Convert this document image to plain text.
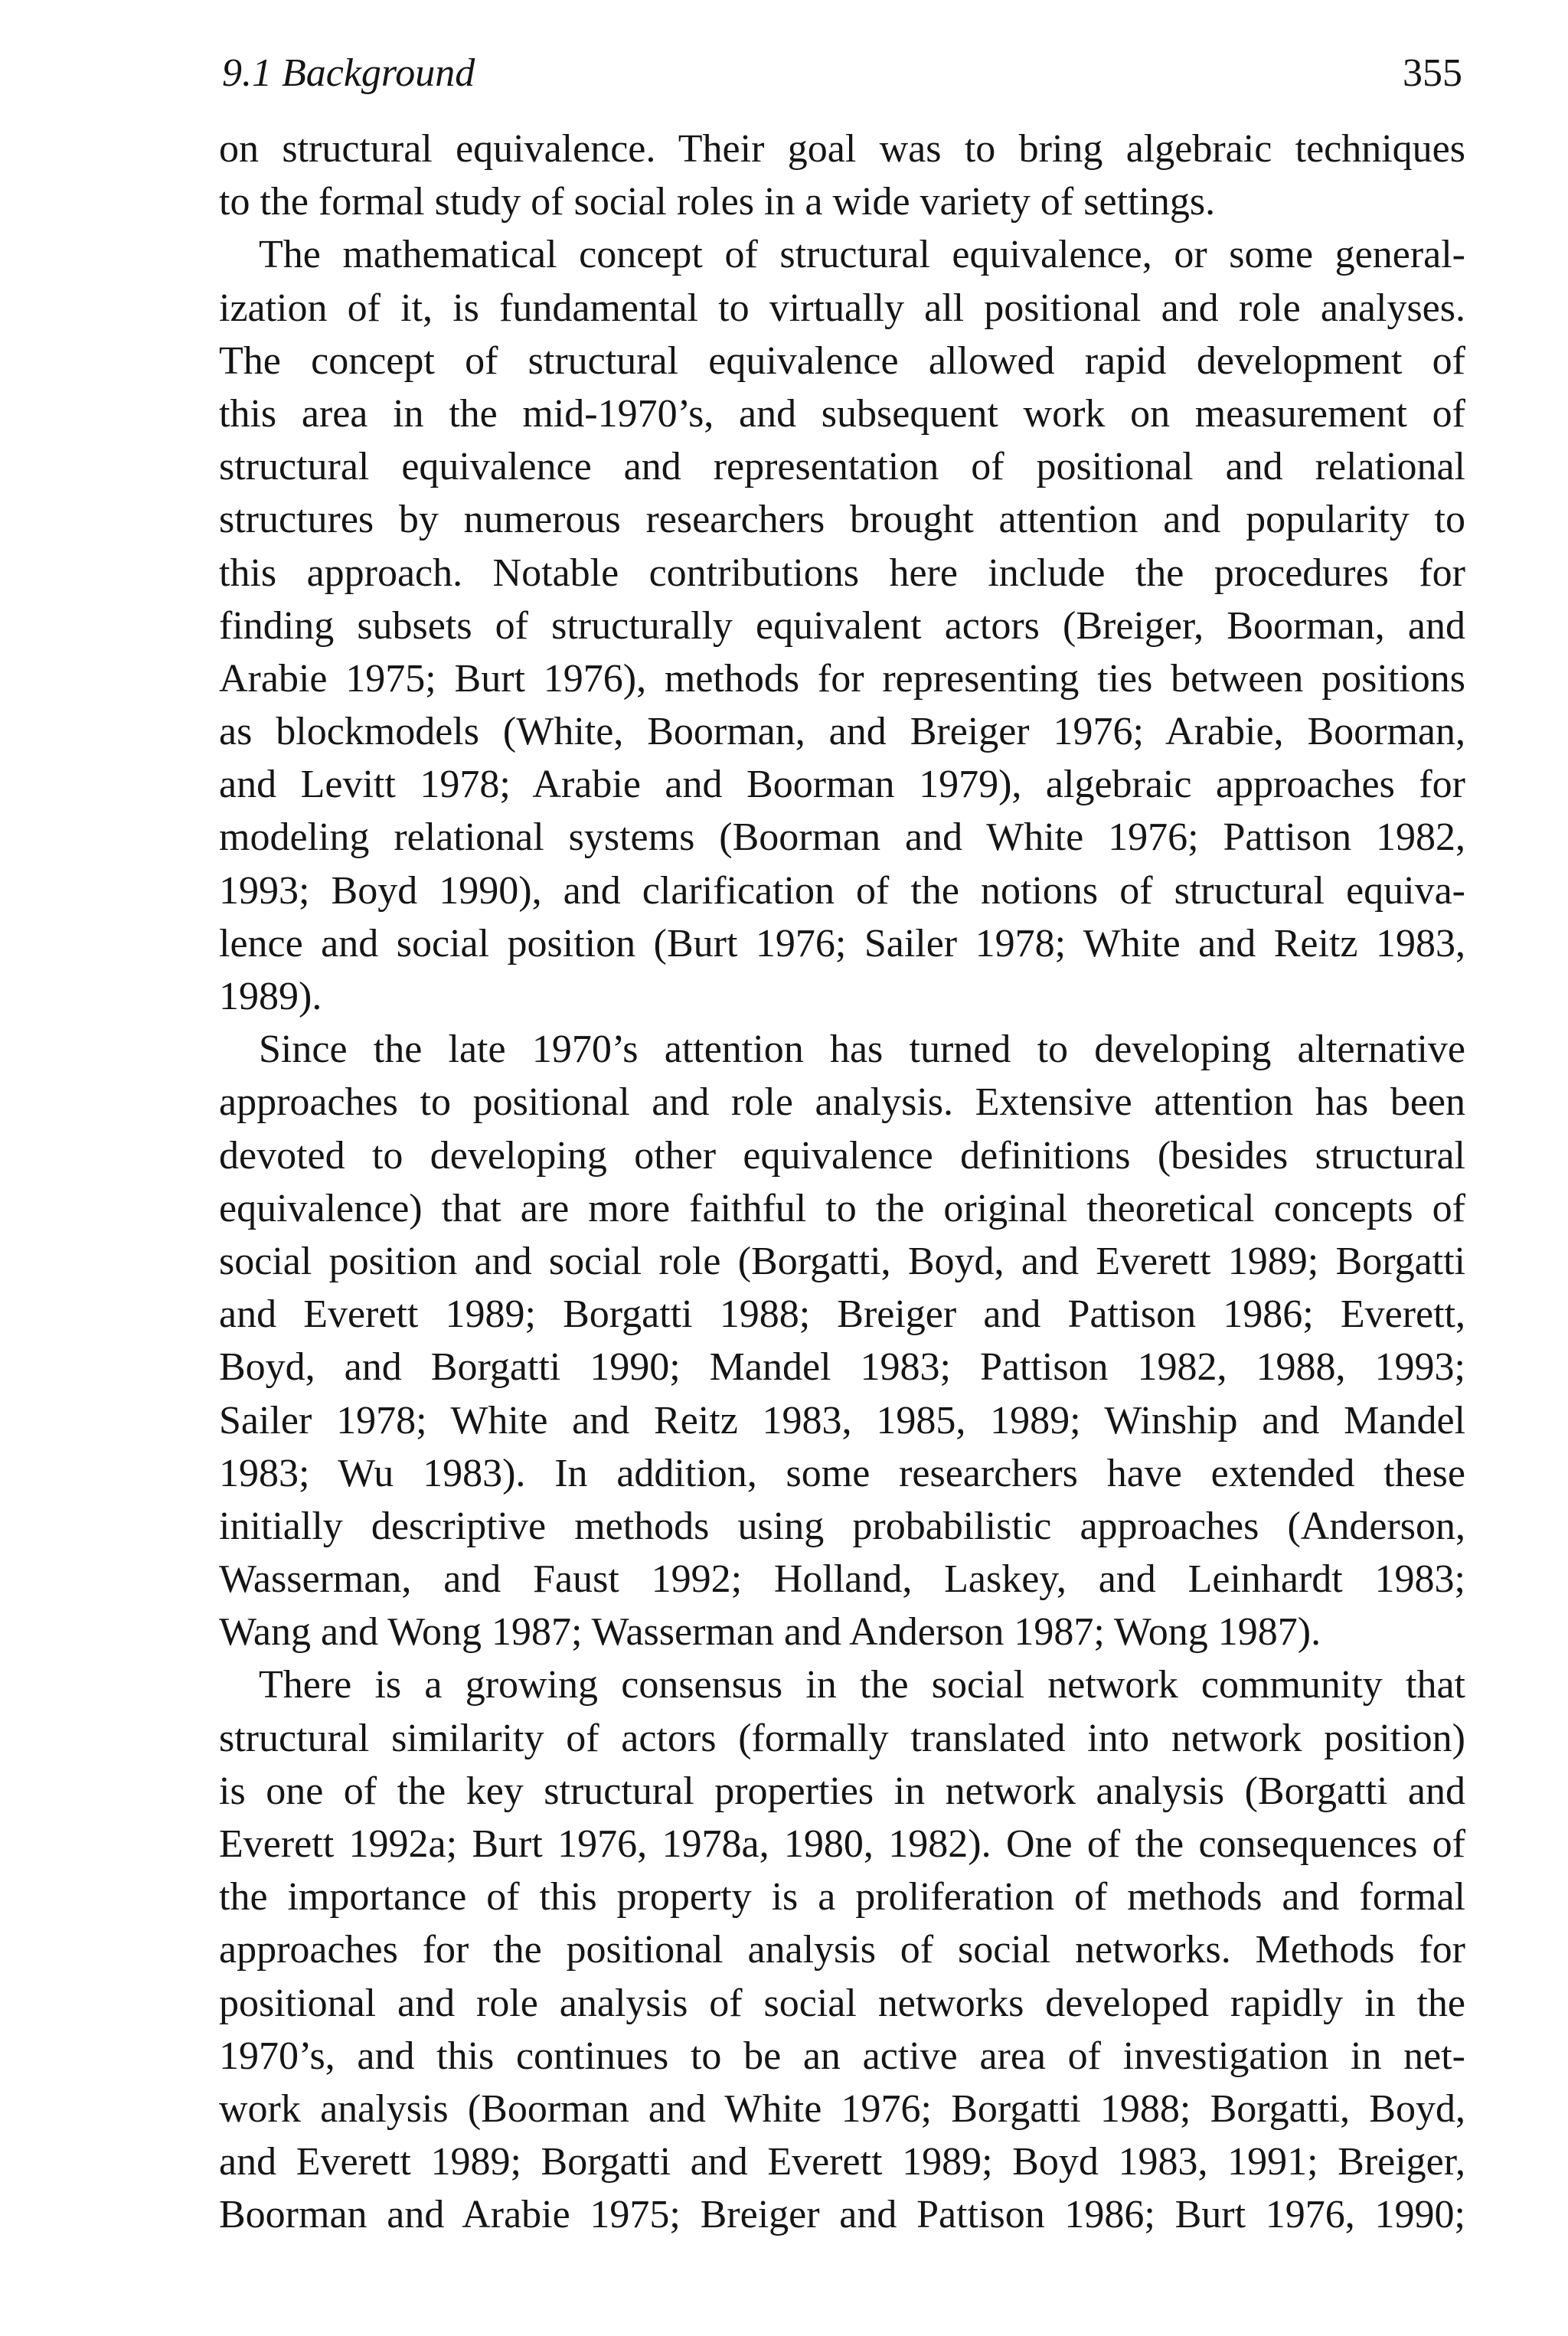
9.1 Background	355
on structural equivalence. Their goal was to bring algebraic techniques
to the formal study of social roles in a wide variety of settings.
The mathematical concept of structural equivalence, or some general-
ization of it, is fundamental to virtually all positional and role analyses.
The concept of structural equivalence allowed rapid development of
this area in the mid-1970’s, and subsequent work on measurement of
structural equivalence and representation of positional and relational
structures by numerous researchers brought attention and popularity to
this approach. Notable contributions here include the procedures for
finding subsets of structurally equivalent actors (Breiger, Boorman, and
Arabie 1975; Burt 1976), methods for representing ties between positions
as blockmodels (White, Boorman, and Breiger 1976; Arabie, Boorman,
and Levitt 1978; Arabie and Boorman 1979), algebraic approaches for
modeling relational systems (Boorman and White 1976; Pattison 1982,
1993; Boyd 1990), and clarification of the notions of structural equiva-
lence and social position (Burt 1976; Sailer 1978; White and Reitz 1983,
1989).
Since the late 1970’s attention has turned to developing alternative
approaches to positional and role analysis. Extensive attention has been
devoted to developing other equivalence definitions (besides structural
equivalence) that are more faithful to the original theoretical concepts of
social position and social role (Borgatti, Boyd, and Everett 1989; Borgatti
and Everett 1989; Borgatti 1988; Breiger and Pattison 1986; Everett,
Boyd, and Borgatti 1990; Mandel 1983; Pattison 1982, 1988, 1993;
Sailer 1978; White and Reitz 1983, 1985, 1989; Winship and Mandel
1983; Wu 1983). In addition, some researchers have extended these
initially descriptive methods using probabilistic approaches (Anderson,
Wasserman, and Faust 1992; Holland, Laskey, and Leinhardt 1983;
Wang and Wong 1987; Wasserman and Anderson 1987; Wong 1987).
There is a growing consensus in the social network community that
structural similarity of actors (formally translated into network position)
is one of the key structural properties in network analysis (Borgatti and
Everett 1992a; Burt 1976, 1978a, 1980, 1982). One of the consequences of
the importance of this property is a proliferation of methods and formal
approaches for the positional analysis of social networks. Methods for
positional and role analysis of social networks developed rapidly in the
1970’s, and this continues to be an active area of investigation in net-
work analysis (Boorman and White 1976; Borgatti 1988; Borgatti, Boyd,
and Everett 1989; Borgatti and Everett 1989; Boyd 1983, 1991; Breiger,
Boorman and Arabie 1975; Breiger and Pattison 1986; Burt 1976, 1990;
